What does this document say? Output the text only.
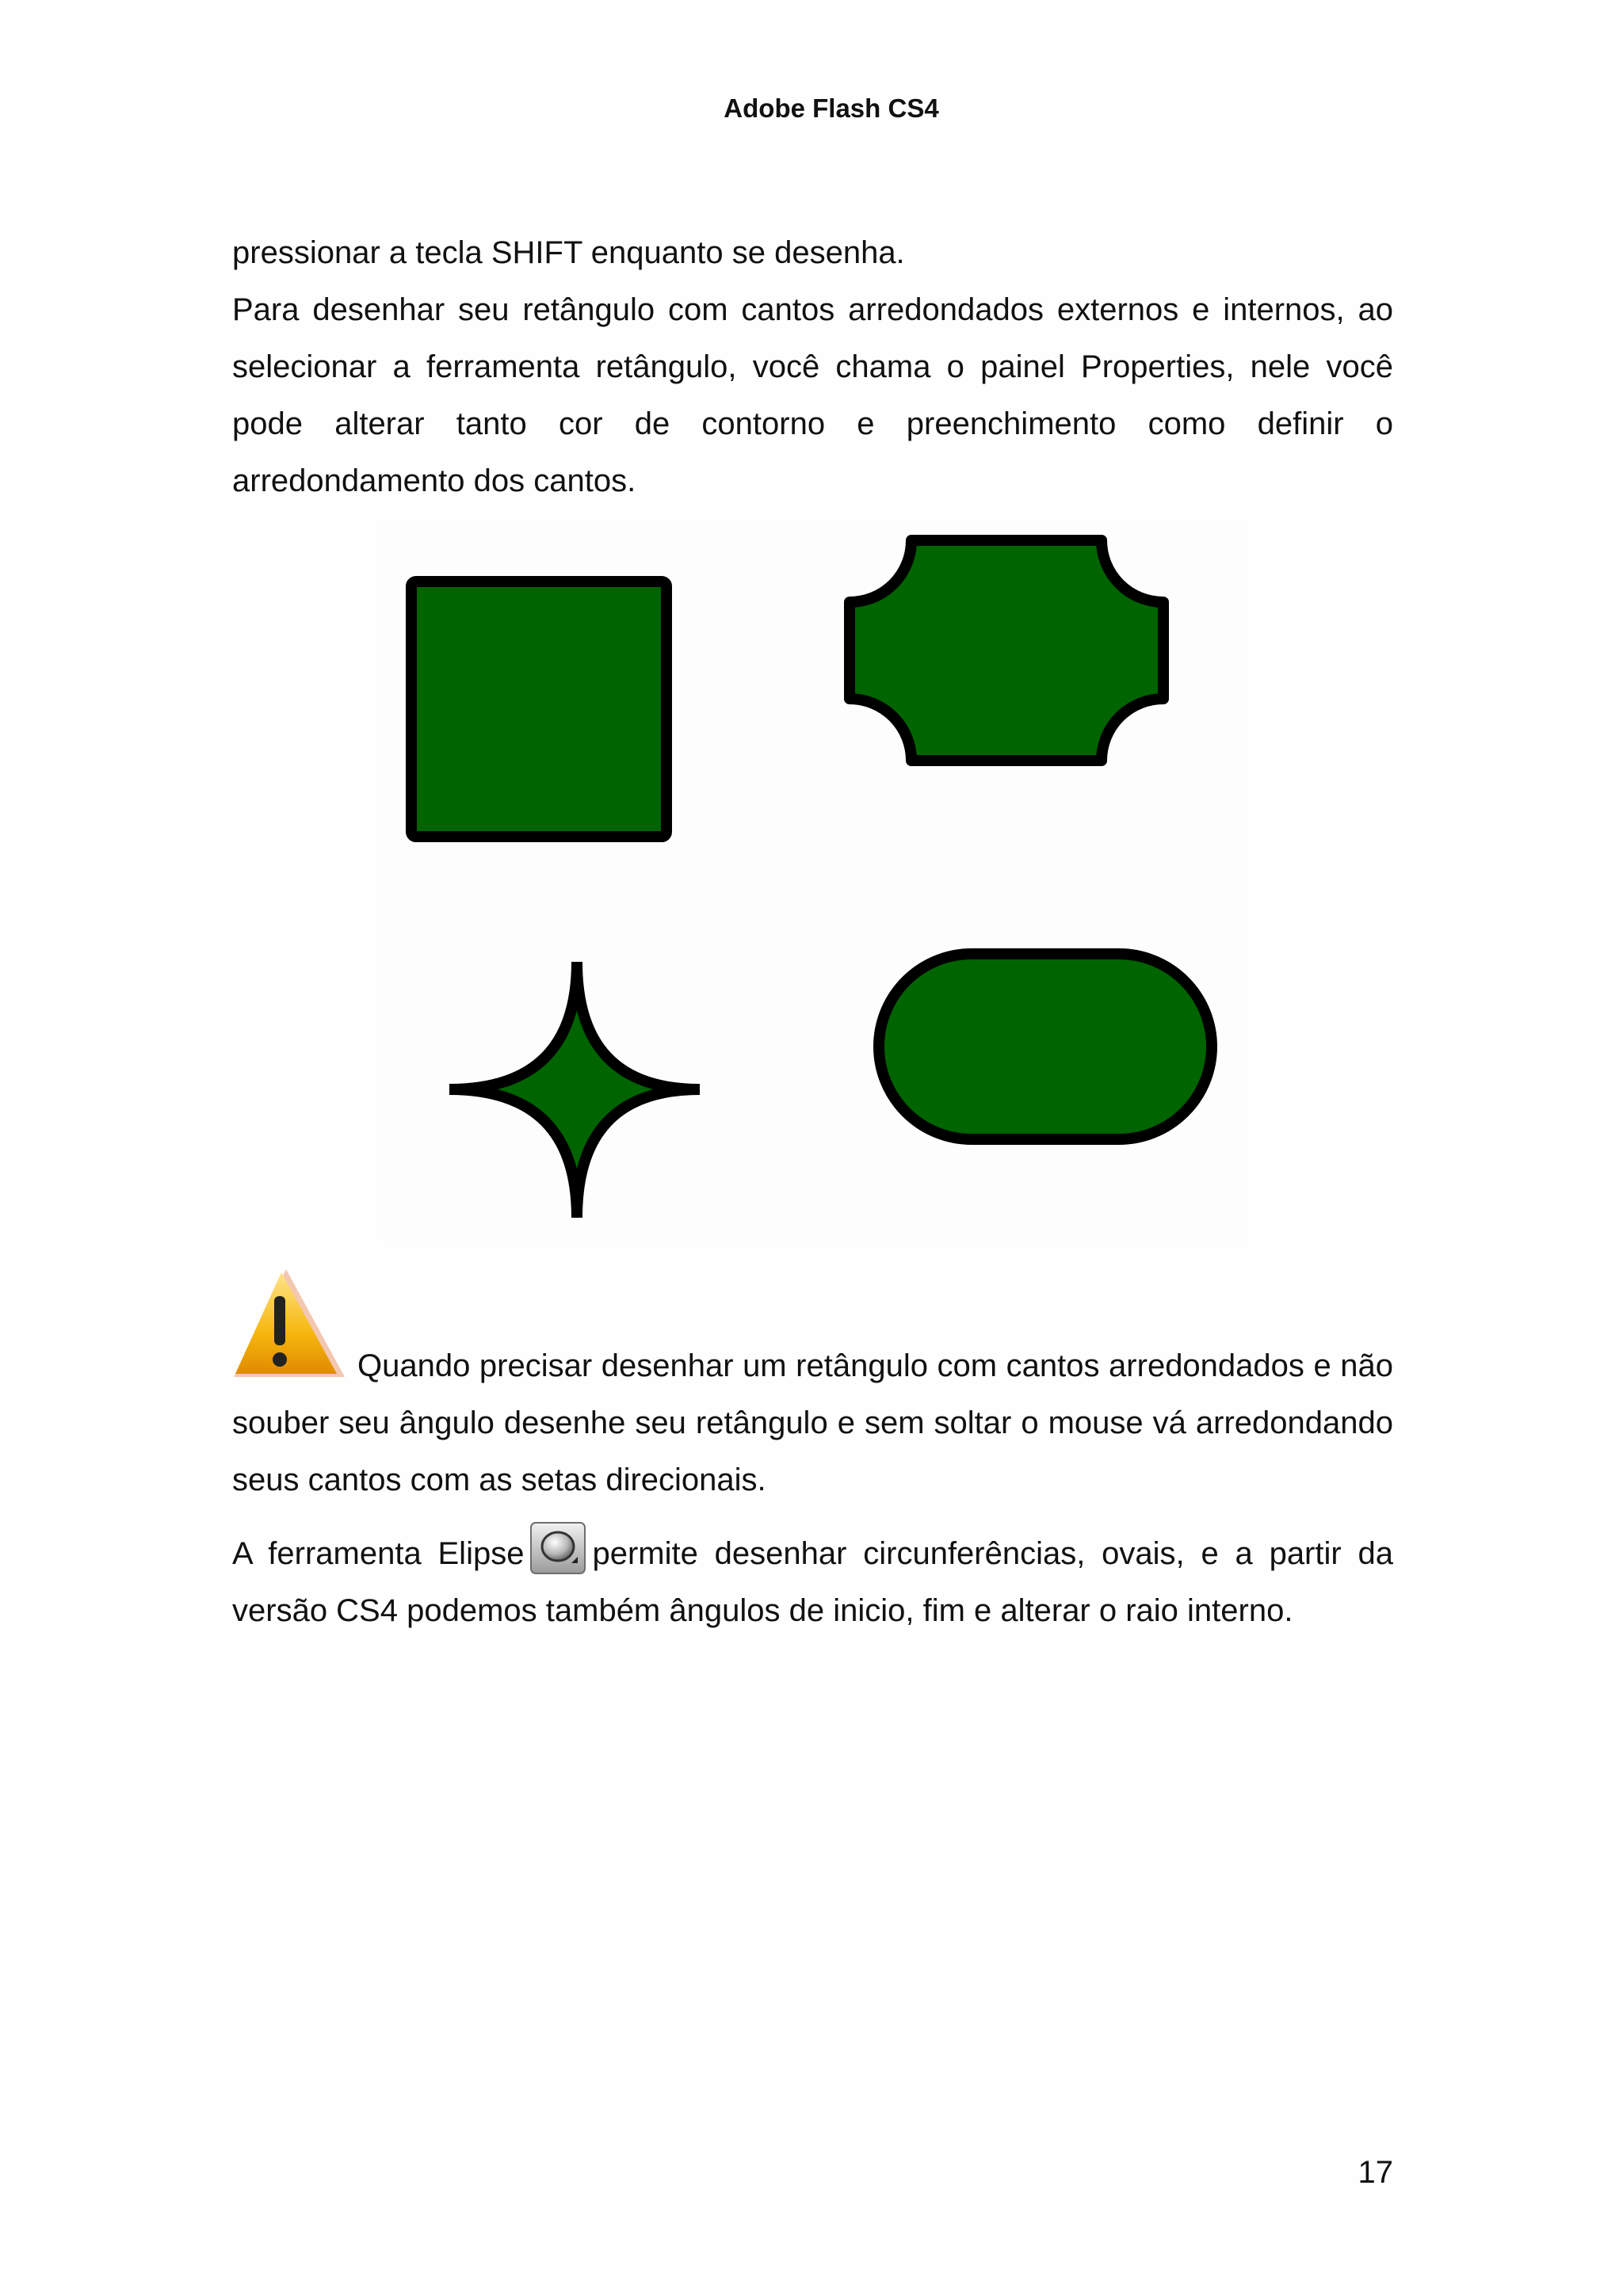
Adobe Flash CS4

pressionar a tecla SHIFT enquanto se desenha.

Para desenhar seu retângulo com cantos arredondados externos e internos, ao selecionar a ferramenta retângulo, você chama o painel Properties, nele você pode alterar tanto cor de contorno e preenchimento como definir o arredondamento dos cantos.

Quando precisar desenhar um retângulo com cantos arredondados e não souber seu ângulo desenhe seu retângulo e sem soltar o mouse vá arredondando seus cantos com as setas direcionais.

A ferramenta Elipse permite desenhar circunferências, ovais, e a partir da versão CS4 podemos também ângulos de inicio, fim e alterar o raio interno.

17
